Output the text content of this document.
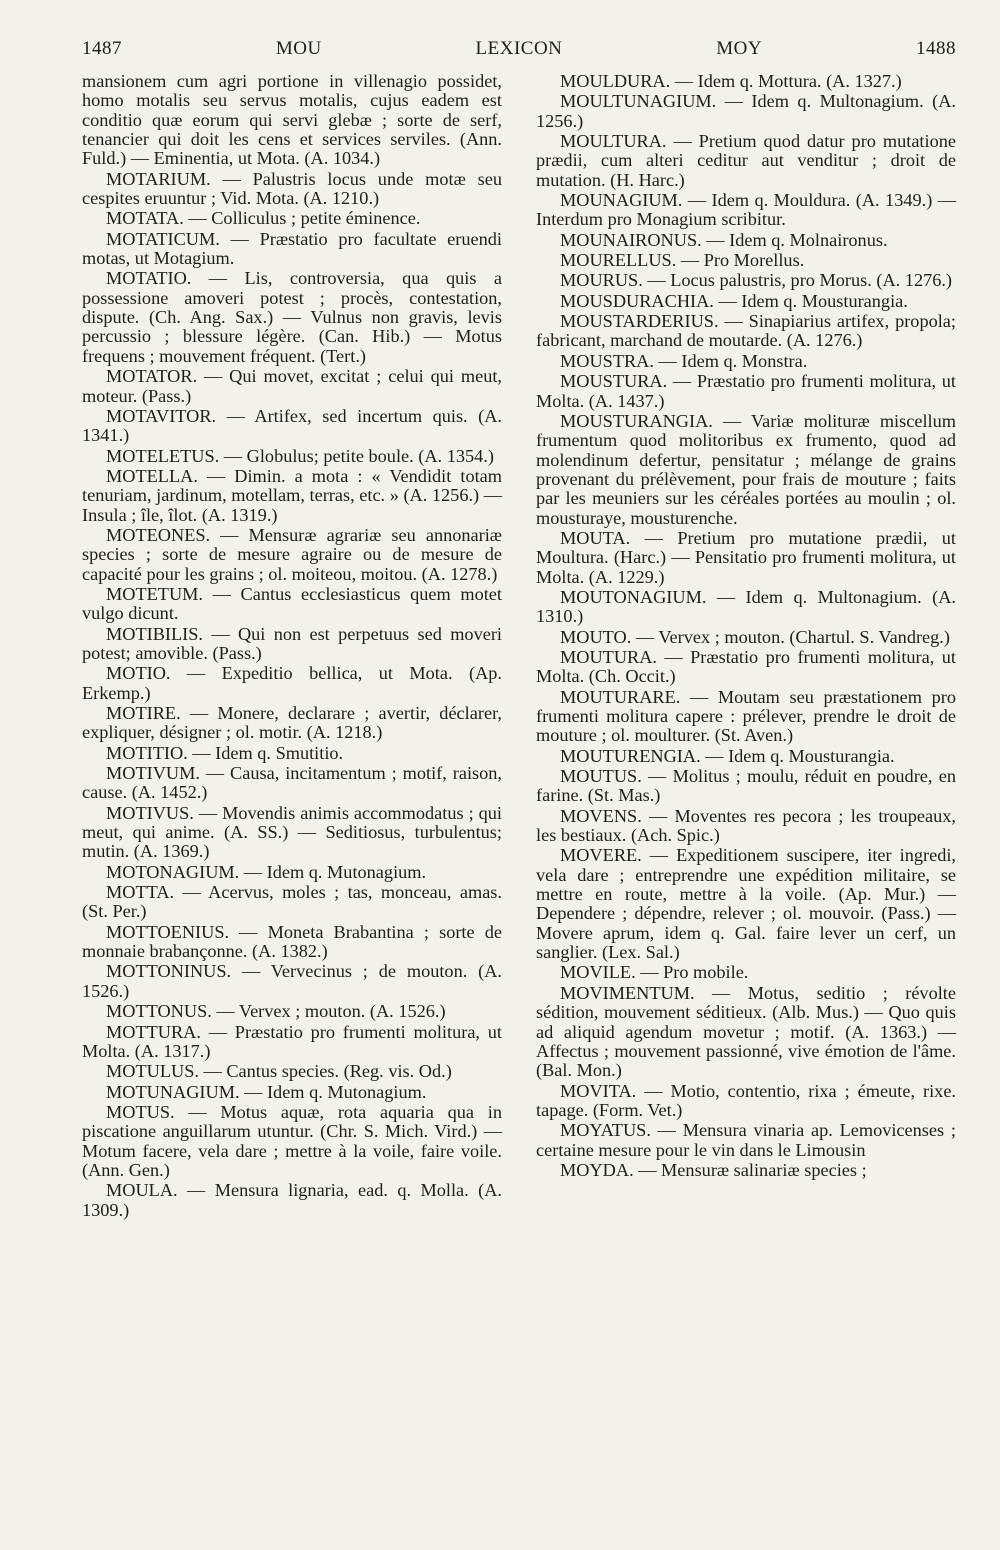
1487	MOU	LEXICON	MOY	1488

mansionem cum agri portione in villenagio possidet, homo motalis seu servus motalis, cujus eadem est conditio quæ eorum qui servi glebæ ; sorte de serf, tenancier qui doit les cens et services serviles. (Ann. Fuld.) — Eminentia, ut Mota. (A. 1034.)

MOTARIUM. — Palustris locus unde motæ seu cespites eruuntur ; Vid. Mota. (A. 1210.)

MOTATA. — Colliculus ; petite éminence.

MOTATICUM. — Præstatio pro facultate eruendi motas, ut Motagium.

MOTATIO. — Lis, controversia, qua quis a possessione amoveri potest ; procès, contestation, dispute. (Ch. Ang. Sax.) — Vulnus non gravis, levis percussio ; blessure légère. (Can. Hib.) — Motus frequens ; mouvement fréquent. (Tert.)

MOTATOR. — Qui movet, excitat ; celui qui meut, moteur. (Pass.)

MOTAVITOR. — Artifex, sed incertum quis. (A. 1341.)

MOTELETUS. — Globulus; petite boule. (A. 1354.)

MOTELLA. — Dimin. a mota : « Vendidit totam tenuriam, jardinum, motellam, terras, etc. » (A. 1256.) — Insula ; île, îlot. (A. 1319.)

MOTEONES. — Mensuræ agrariæ seu annonariæ species ; sorte de mesure agraire ou de mesure de capacité pour les grains ; ol. moiteou, moitou. (A. 1278.)

MOTETUM. — Cantus ecclesiasticus quem motet vulgo dicunt.

MOTIBILIS. — Qui non est perpetuus sed moveri potest; amovible. (Pass.)

MOTIO. — Expeditio bellica, ut Mota. (Ap. Erkemp.)

MOTIRE. — Monere, declarare ; avertir, déclarer, expliquer, désigner ; ol. motir. (A. 1218.)

MOTITIO. — Idem q. Smutitio.

MOTIVUM. — Causa, incitamentum ; motif, raison, cause. (A. 1452.)

MOTIVUS. — Movendis animis accommodatus ; qui meut, qui anime. (A. SS.) — Seditiosus, turbulentus; mutin. (A. 1369.)

MOTONAGIUM. — Idem q. Mutonagium.

MOTTA. — Acervus, moles ; tas, monceau, amas. (St. Per.)

MOTTOENIUS. — Moneta Brabantina ; sorte de monnaie brabançonne. (A. 1382.)

MOTTONINUS. — Vervecinus ; de mouton. (A. 1526.)

MOTTONUS. — Vervex ; mouton. (A. 1526.)

MOTTURA. — Præstatio pro frumenti molitura, ut Molta. (A. 1317.)

MOTULUS. — Cantus species. (Reg. vis. Od.)

MOTUNAGIUM. — Idem q. Mutonagium.

MOTUS. — Motus aquæ, rota aquaria qua in piscatione anguillarum utuntur. (Chr. S. Mich. Vird.) — Motum facere, vela dare ; mettre à la voile, faire voile. (Ann. Gen.)

MOULA. — Mensura lignaria, ead. q. Molla. (A. 1309.)

MOULDURA. — Idem q. Mottura. (A. 1327.)

MOULTUNAGIUM. — Idem q. Multonagium. (A. 1256.)

MOULTURA. — Pretium quod datur pro mutatione prædii, cum alteri ceditur aut venditur ; droit de mutation. (H. Harc.)

MOUNAGIUM. — Idem q. Mouldura. (A. 1349.) — Interdum pro Monagium scribitur.

MOUNAIRONUS. — Idem q. Molnaironus.

MOURELLUS. — Pro Morellus.

MOURUS. — Locus palustris, pro Morus. (A. 1276.)

MOUSDURACHIA. — Idem q. Mousturangia.

MOUSTARDERIUS. — Sinapiarius artifex, propola; fabricant, marchand de moutarde. (A. 1276.)

MOUSTRA. — Idem q. Monstra.

MOUSTURA. — Præstatio pro frumenti molitura, ut Molta. (A. 1437.)

MOUSTURANGIA. — Variæ molituræ miscellum frumentum quod molitoribus ex frumento, quod ad molendinum defertur, pensitatur ; mélange de grains provenant du prélèvement, pour frais de mouture ; faits par les meuniers sur les céréales portées au moulin ; ol. mousturaye, mousturenche.

MOUTA. — Pretium pro mutatione prædii, ut Moultura. (Harc.) — Pensitatio pro frumenti molitura, ut Molta. (A. 1229.)

MOUTONAGIUM. — Idem q. Multonagium. (A. 1310.)

MOUTO. — Vervex ; mouton. (Chartul. S. Vandreg.)

MOUTURA. — Præstatio pro frumenti molitura, ut Molta. (Ch. Occit.)

MOUTURARE. — Moutam seu præstationem pro frumenti molitura capere : prélever, prendre le droit de mouture ; ol. moulturer. (St. Aven.)

MOUTURENGIA. — Idem q. Mousturangia.

MOUTUS. — Molitus ; moulu, réduit en poudre, en farine. (St. Mas.)

MOVENS. — Moventes res pecora ; les troupeaux, les bestiaux. (Ach. Spic.)

MOVERE. — Expeditionem suscipere, iter ingredi, vela dare ; entreprendre une expédition militaire, se mettre en route, mettre à la voile. (Ap. Mur.) — Dependere ; dépendre, relever ; ol. mouvoir. (Pass.) — Movere aprum, idem q. Gal. faire lever un cerf, un sanglier. (Lex. Sal.)

MOVILE. — Pro mobile.

MOVIMENTUM. — Motus, seditio ; révolte sédition, mouvement séditieux. (Alb. Mus.) — Quo quis ad aliquid agendum movetur ; motif. (A. 1363.) — Affectus ; mouvement passionné, vive émotion de l'âme. (Bal. Mon.)

MOVITA. — Motio, contentio, rixa ; émeute, rixe. tapage. (Form. Vet.)

MOYATUS. — Mensura vinaria ap. Lemovicenses ; certaine mesure pour le vin dans le Limousin

MOYDA. — Mensuræ salinariæ species ;
